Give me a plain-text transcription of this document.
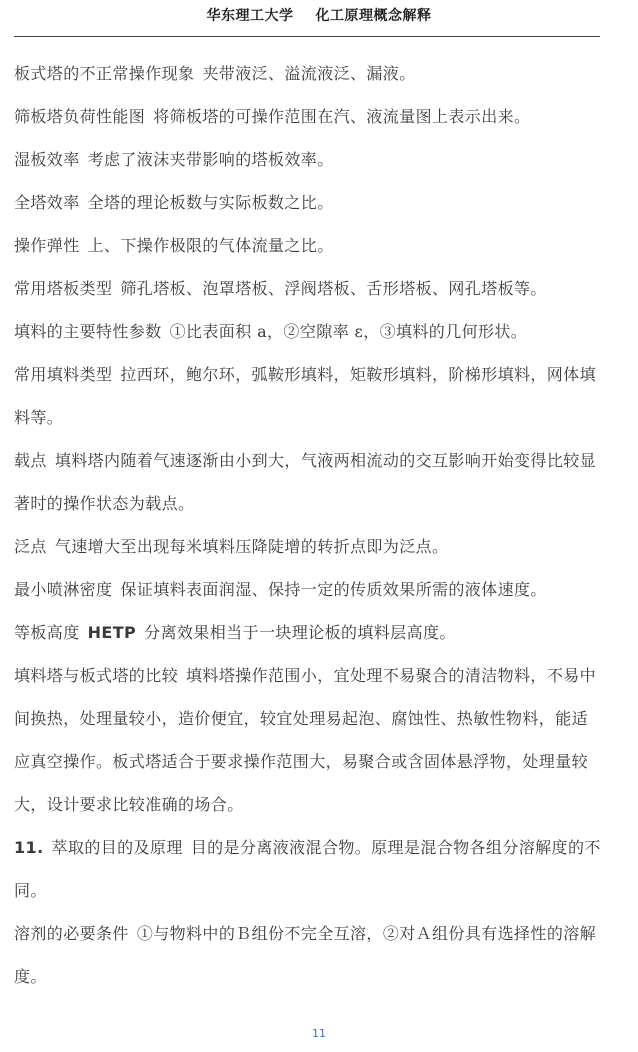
华东理工大学 化工原理概念解释

板式塔的不正常操作现象 夹带液泛、溢流液泛、漏液。

筛板塔负荷性能图 将筛板塔的可操作范围在汽、液流量图上表示出来。

湿板效率 考虑了液沫夹带影响的塔板效率。

全塔效率 全塔的理论板数与实际板数之比。

操作弹性 上、下操作极限的气体流量之比。

常用塔板类型 筛孔塔板、泡罩塔板、浮阀塔板、舌形塔板、网孔塔板等。

填料的主要特性参数 ①比表面积 a，②空隙率 ε，③填料的几何形状。

常用填料类型 拉西环，鲍尔环，弧鞍形填料，矩鞍形填料，阶梯形填料，网体填料等。

载点 填料塔内随着气速逐渐由小到大，气液两相流动的交互影响开始变得比较显著时的操作状态为载点。

泛点 气速增大至出现每米填料压降陡增的转折点即为泛点。

最小喷淋密度 保证填料表面润湿、保持一定的传质效果所需的液体速度。

等板高度 HETP 分离效果相当于一块理论板的填料层高度。

填料塔与板式塔的比较 填料塔操作范围小，宜处理不易聚合的清洁物料，不易中间换热，处理量较小，造价便宜，较宜处理易起泡、腐蚀性、热敏性物料，能适应真空操作。板式塔适合于要求操作范围大，易聚合或含固体悬浮物，处理量较大，设计要求比较准确的场合。

11. 萃取的目的及原理 目的是分离液液混合物。原理是混合物各组分溶解度的不同。

溶剂的必要条件 ①与物料中的Ｂ组份不完全互溶，②对Ａ组份具有选择性的溶解度。

11
